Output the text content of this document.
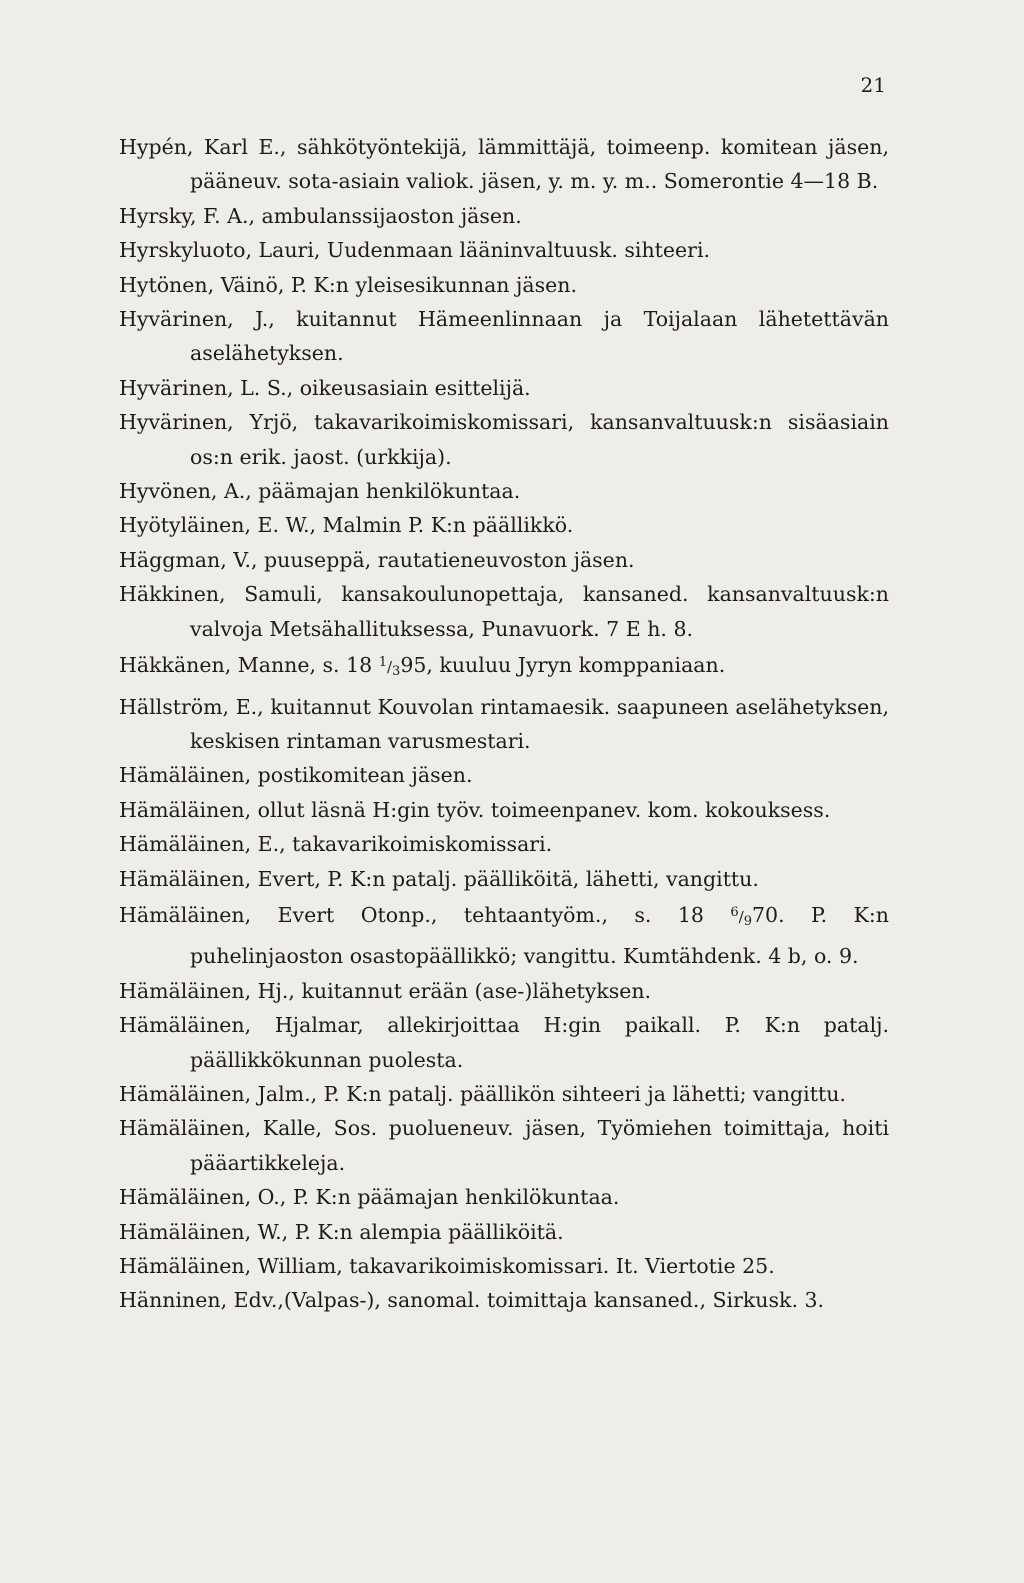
21

Hypén, Karl E., sähkötyöntekijä, lämmittäjä, toimeenp. komitean jäsen, pääneuv. sota-asiain valiok. jäsen, y. m. y. m.. Somerontie 4—18 B.

Hyrsky, F. A., ambulanssijaoston jäsen.

Hyrskyluoto, Lauri, Uudenmaan lääninvaltuusk. sihteeri.

Hytönen, Väinö, P. K:n yleisesikunnan jäsen.

Hyvärinen, J., kuitannut Hämeenlinnaan ja Toijalaan lähetettävän aselähetyksen.

Hyvärinen, L. S., oikeusasiain esittelijä.

Hyvärinen, Yrjö, takavarikoimiskomissari, kansanvaltuusk:n sisäasiain os:n erik. jaost. (urkkija).

Hyvönen, A., päämajan henkilökuntaa.

Hyötyläinen, E. W., Malmin P. K:n päällikkö.

Häggman, V., puuseppä, rautatieneuvoston jäsen.

Häkkinen, Samuli, kansakoulunopettaja, kansaned. kansanvaltuusk:n valvoja Metsähallituksessa, Punavuork. 7 E h. 8.

Häkkänen, Manne, s. 18 $^1/_395$, kuuluu Jyryn komppaniaan.

Hällström, E., kuitannut Kouvolan rintamaesik. saapuneen aselähetyksen, keskisen rintaman varusmestari.

Hämäläinen, postikomitean jäsen.

Hämäläinen, ollut läsnä H:gin työv. toimeenpanev. kom. kokouksess.

Hämäläinen, E., takavarikoimiskomissari.

Hämäläinen, Evert, P. K:n patalj. päälliköitä, lähetti, vangittu.

Hämäläinen, Evert Otonp., tehtaantyöm., s. 18 $^6/_970$. P. K:n puhelinjaoston osastopäällikkö; vangittu. Kumtähdenk. 4 b, o. 9.

Hämäläinen, Hj., kuitannut erään (ase-)lähetyksen.

Hämäläinen, Hjalmar, allekirjoittaa H:gin paikall. P. K:n patalj. päällikkökunnan puolesta.

Hämäläinen, Jalm., P. K:n patalj. päällikön sihteeri ja lähetti; vangittu.

Hämäläinen, Kalle, Sos. puolueneuv. jäsen, Työmiehen toimittaja, hoiti pääartikkeleja.

Hämäläinen, O., P. K:n päämajan henkilökuntaa.

Hämäläinen, W., P. K:n alempia päälliköitä.

Hämäläinen, William, takavarikoimiskomissari. It. Viertotie 25.

Hänninen, Edv.,(Valpas-), sanomal. toimittaja kansaned., Sirkusk. 3.
